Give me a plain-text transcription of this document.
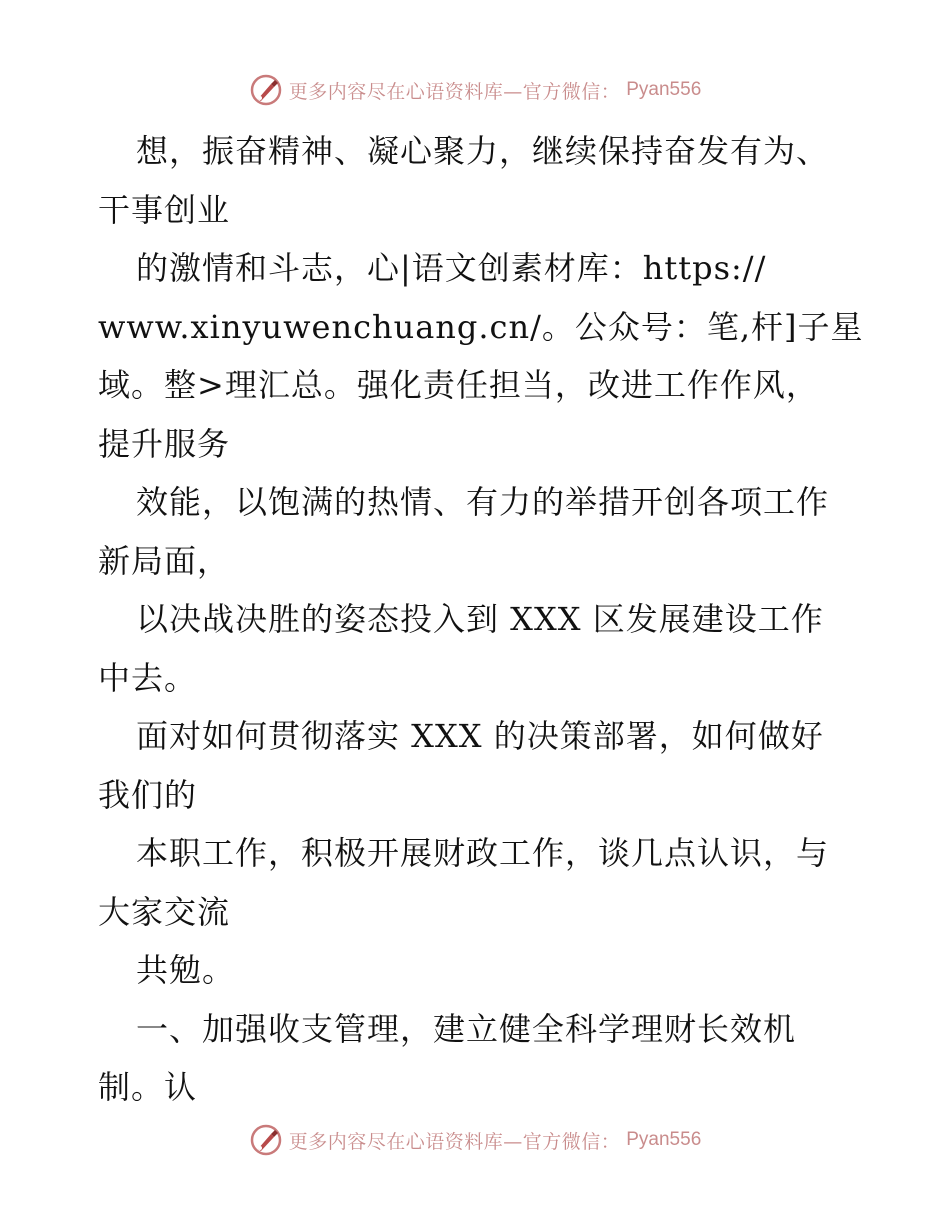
更多内容尽在心语资料库—官方微信： Pyan556
想，振奋精神、凝心聚力，继续保持奋发有为、
干事创业
的激情和斗志，心|语文创素材库：https://
www.xinyuwenchuang.cn/。公众号：笔,杆]子星
域。整>理汇总。强化责任担当，改进工作作风，
提升服务
效能，以饱满的热情、有力的举措开创各项工作
新局面，
以决战决胜的姿态投入到 XXX 区发展建设工作
中去。
面对如何贯彻落实 XXX 的决策部署，如何做好
我们的
本职工作，积极开展财政工作，谈几点认识，与
大家交流
共勉。
一、加强收支管理，建立健全科学理财长效机
制。认
更多内容尽在心语资料库—官方微信： Pyan556
